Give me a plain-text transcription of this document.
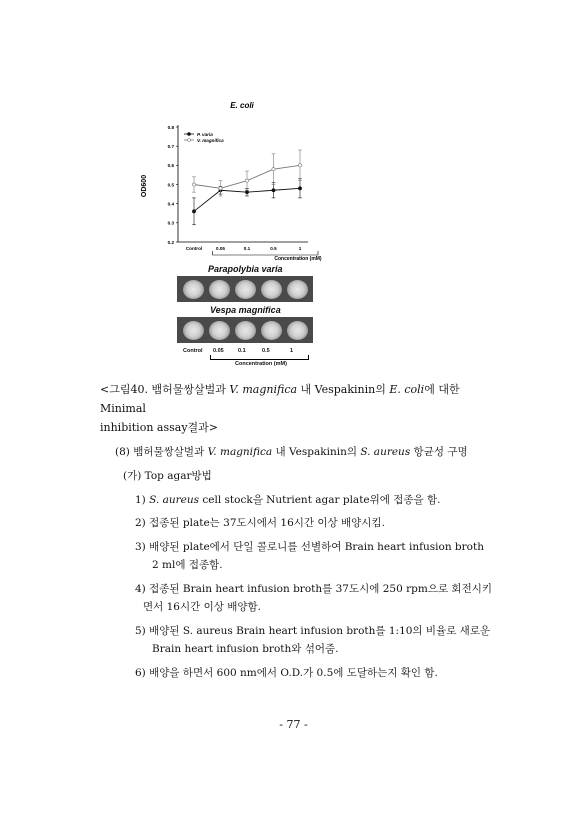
E. coli
OD600
0.2
0.3
0.4
0.5
0.6
0.7
0.8
Control	0.05	0.1	0.5	1
P. varia
V. magnifica
Concentration (mM)
Parapolybia varia
Vespa magnifica
Control 0.05	0.1	0.5	1
Concentration (mM)
<그림40. 뱀허물쌍살벌과 V. magnifica 내 Vespakinin의 E. coli에 대한 Minimal
inhibition assay결과>
(8) 뱀허물쌍살벌과 V. magnifica 내 Vespakinin의 S. aureus 항균성 구명
(가) Top agar방법
1) S. aureus cell stock을 Nutrient agar plate위에 접종을 함.
2) 접종된 plate는 37도시에서 16시간 이상 배양시킴.
3) 배양된 plate에서 단일 콜로니를 선별하여 Brain heart infusion broth
2 ml에 접종함.
4) 접종된 Brain heart infusion broth를 37도시에 250 rpm으로 회전시키
면서 16시간 이상 배양함.
5) 배양된 S. aureus Brain heart infusion broth를 1:10의 비율로 새로운
Brain heart infusion broth와 섞어줌.
6) 배양을 하면서 600 nm에서 O.D.가 0.5에 도달하는지 확인 함.
- 77 -
